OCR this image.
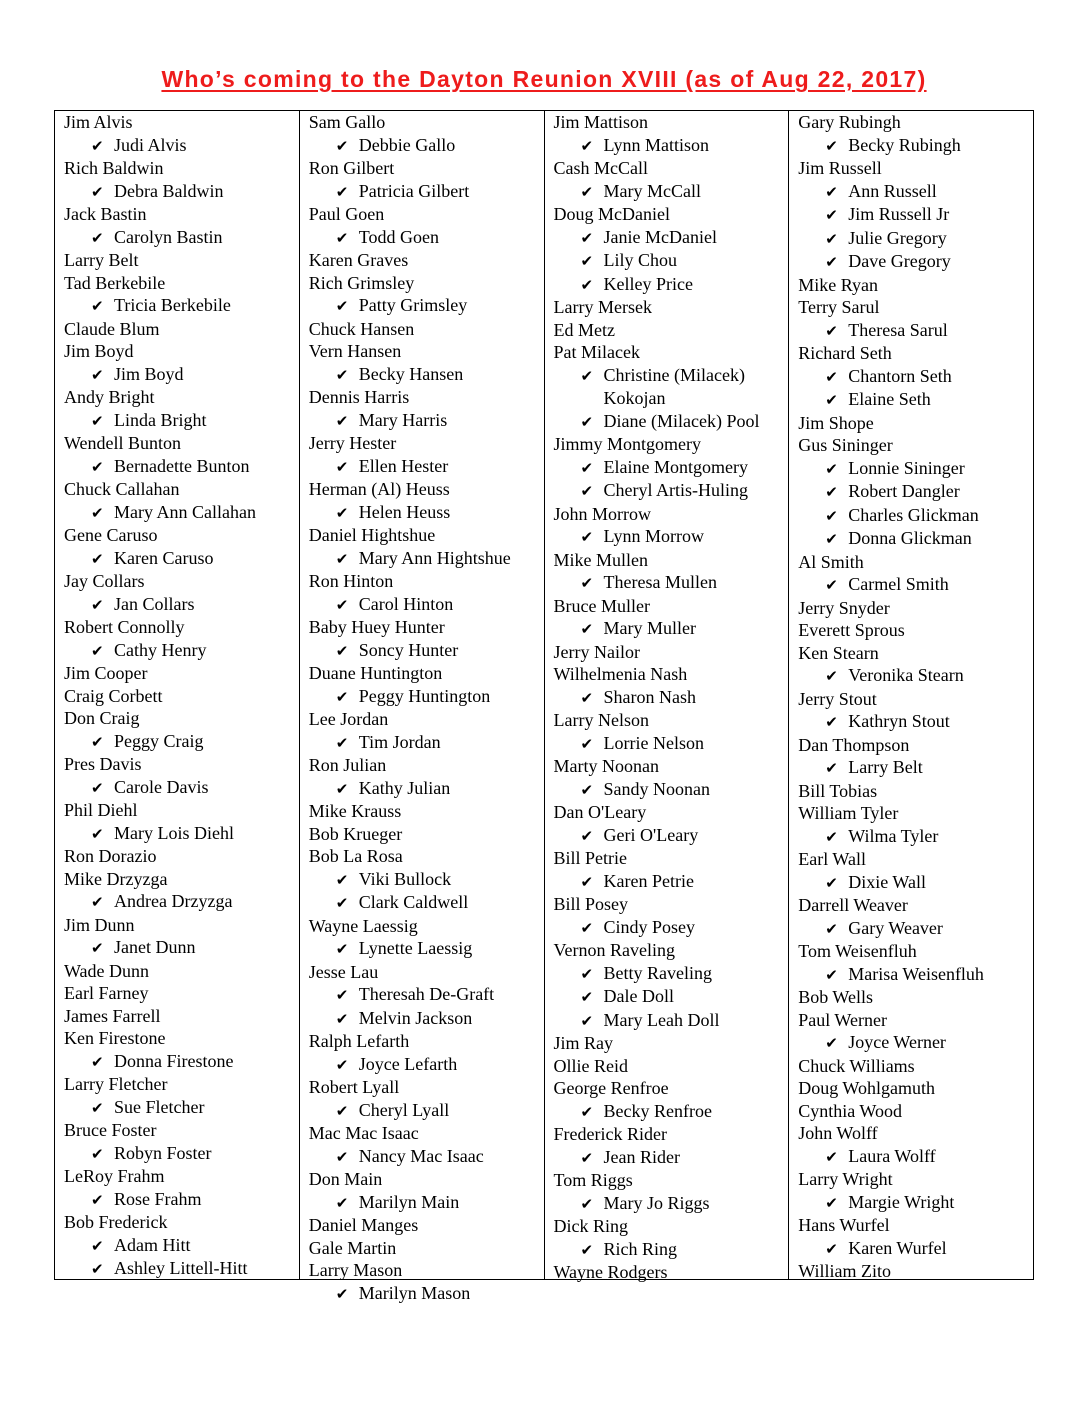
Who’s coming to the Dayton Reunion XVIII (as of Aug 22, 2017)
Jim Alvis
✔ Judi Alvis
Rich Baldwin
✔ Debra Baldwin
Jack Bastin
✔ Carolyn Bastin
Larry Belt
Tad Berkebile
✔ Tricia Berkebile
Claude Blum
Jim Boyd
✔ Jim Boyd
Andy Bright
✔ Linda Bright
Wendell Bunton
✔ Bernadette Bunton
Chuck Callahan
✔ Mary Ann Callahan
Gene Caruso
✔ Karen Caruso
Jay Collars
✔ Jan Collars
Robert Connolly
✔ Cathy Henry
Jim Cooper
Craig Corbett
Don Craig
✔ Peggy Craig
Pres Davis
✔ Carole Davis
Phil Diehl
✔ Mary Lois Diehl
Ron Dorazio
Mike Drzyzga
✔ Andrea Drzyzga
Jim Dunn
✔ Janet Dunn
Wade Dunn
Earl Farney
James Farrell
Ken Firestone
✔ Donna Firestone
Larry Fletcher
✔ Sue Fletcher
Bruce Foster
✔ Robyn Foster
LeRoy Frahm
✔ Rose Frahm
Bob Frederick
✔ Adam Hitt
✔ Ashley Littell-Hitt
Sam Gallo
✔ Debbie Gallo
Ron Gilbert
✔ Patricia Gilbert
Paul Goen
✔ Todd Goen
Karen Graves
Rich Grimsley
✔ Patty Grimsley
Chuck Hansen
Vern Hansen
✔ Becky Hansen
Dennis Harris
✔ Mary Harris
Jerry Hester
✔ Ellen Hester
Herman (Al) Heuss
✔ Helen Heuss
Daniel Hightshue
✔ Mary Ann Hightshue
Ron Hinton
✔ Carol Hinton
Baby Huey Hunter
✔ Soncy Hunter
Duane Huntington
✔ Peggy Huntington
Lee Jordan
✔ Tim Jordan
Ron Julian
✔ Kathy Julian
Mike Krauss
Bob Krueger
Bob La Rosa
✔ Viki Bullock
✔ Clark Caldwell
Wayne Laessig
✔ Lynette Laessig
Jesse Lau
✔ Theresah De-Graft
✔ Melvin Jackson
Ralph Lefarth
✔ Joyce Lefarth
Robert Lyall
✔ Cheryl Lyall
Mac Mac Isaac
✔ Nancy Mac Isaac
Don Main
✔ Marilyn Main
Daniel Manges
Gale Martin
Larry Mason
✔ Marilyn Mason
Jim Mattison
✔ Lynn Mattison
Cash McCall
✔ Mary McCall
Doug McDaniel
✔ Janie McDaniel
✔ Lily Chou
✔ Kelley Price
Larry Mersek
Ed Metz
Pat Milacek
✔ Christine (Milacek)
Kokojan
✔ Diane (Milacek) Pool
Jimmy Montgomery
✔ Elaine Montgomery
✔ Cheryl Artis-Huling
John Morrow
✔ Lynn Morrow
Mike Mullen
✔ Theresa Mullen
Bruce Muller
✔ Mary Muller
Jerry Nailor
Wilhelmenia Nash
✔ Sharon Nash
Larry Nelson
✔ Lorrie Nelson
Marty Noonan
✔ Sandy Noonan
Dan O'Leary
✔ Geri O'Leary
Bill Petrie
✔ Karen Petrie
Bill Posey
✔ Cindy Posey
Vernon Raveling
✔ Betty Raveling
✔ Dale Doll
✔ Mary Leah Doll
Jim Ray
Ollie Reid
George Renfroe
✔ Becky Renfroe
Frederick Rider
✔ Jean Rider
Tom Riggs
✔ Mary Jo Riggs
Dick Ring
✔ Rich Ring
Wayne Rodgers
Gary Rubingh
✔ Becky Rubingh
Jim Russell
✔ Ann Russell
✔ Jim Russell Jr
✔ Julie Gregory
✔ Dave Gregory
Mike Ryan
Terry Sarul
✔ Theresa Sarul
Richard Seth
✔ Chantorn Seth
✔ Elaine Seth
Jim Shope
Gus Sininger
✔ Lonnie Sininger
✔ Robert Dangler
✔ Charles Glickman
✔ Donna Glickman
Al Smith
✔ Carmel Smith
Jerry Snyder
Everett Sprous
Ken Stearn
✔ Veronika Stearn
Jerry Stout
✔ Kathryn Stout
Dan Thompson
✔ Larry Belt
Bill Tobias
William Tyler
✔ Wilma Tyler
Earl Wall
✔ Dixie Wall
Darrell Weaver
✔ Gary Weaver
Tom Weisenfluh
✔ Marisa Weisenfluh
Bob Wells
Paul Werner
✔ Joyce Werner
Chuck Williams
Doug Wohlgamuth
Cynthia Wood
John Wolff
✔ Laura Wolff
Larry Wright
✔ Margie Wright
Hans Wurfel
✔ Karen Wurfel
William Zito
